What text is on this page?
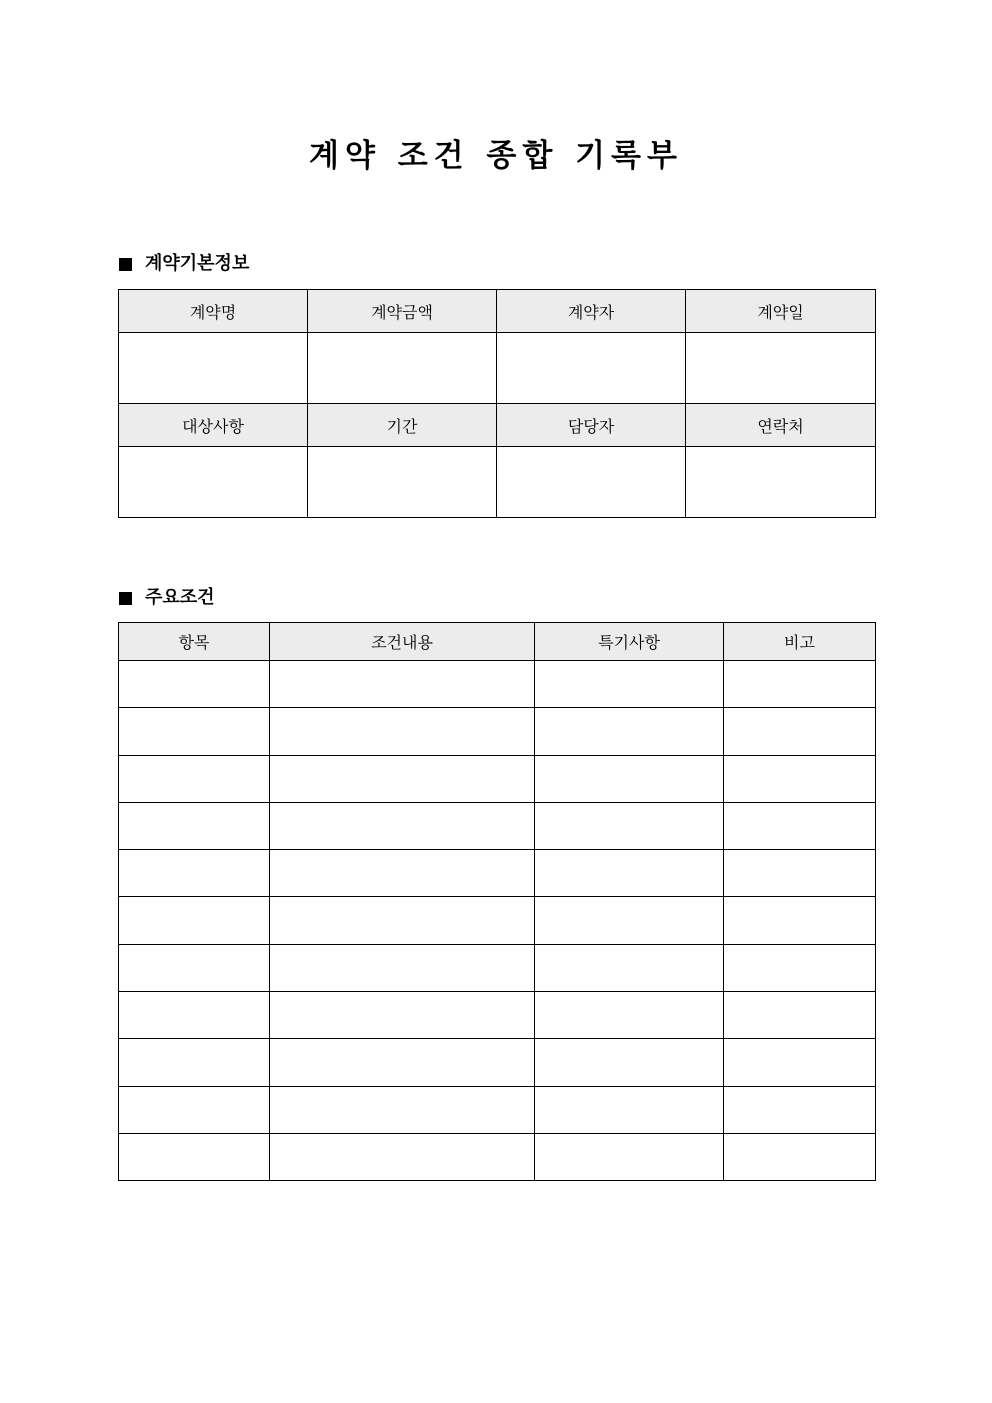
계약 조건 종합 기록부
계약기본정보
계약명	계약금액	계약자	계약일

대상사항	기간	담당자	연락처

주요조건
항목	조건내용	특기사항	비고
